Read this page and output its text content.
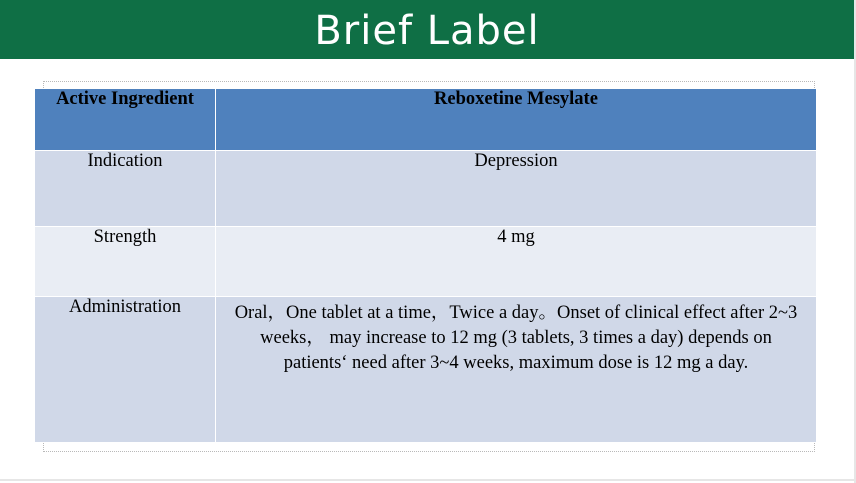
Brief Label
Active Ingredient	Reboxetine Mesylate
Indication	Depression
Strength	4 mg
Administration	Oral，One tablet at a time，Twice a day。Onset of clinical effect after 2~3 weeks， may increase to 12 mg (3 tablets, 3 times a day) depends on patients‘ need after 3~4 weeks, maximum dose is 12 mg a day.
